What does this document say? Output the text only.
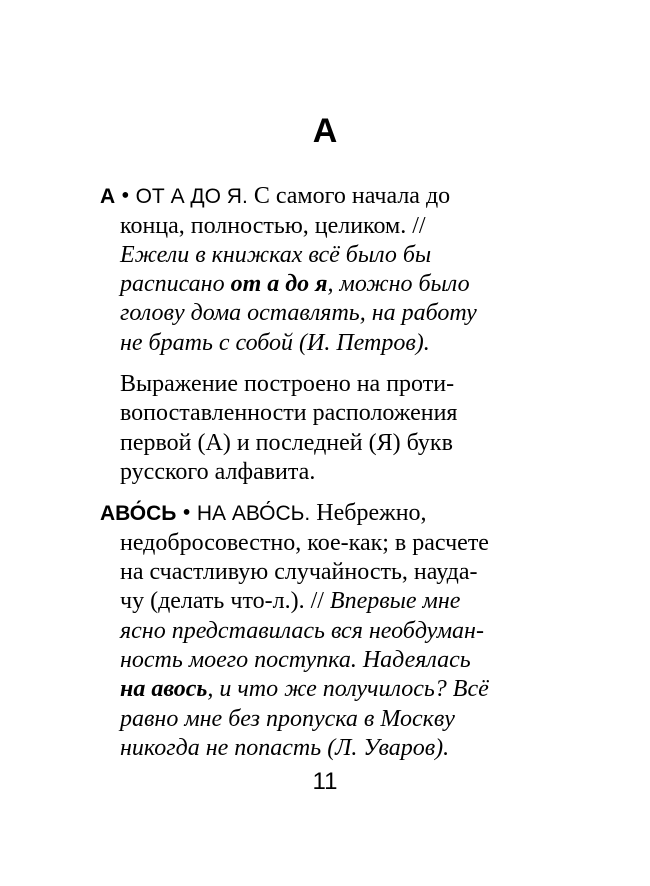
А
А • ОТ А ДО Я. С самого начала до
конца, полностью, целиком. //
Ежели в книжках всё было бы
расписано от а до я, можно было
голову дома оставлять, на работу
не брать с собой (И. Петров).
Выражение построено на проти-
вопоставленности расположения
первой (А) и последней (Я) букв
русского алфавита.
АВО́СЬ • НА АВО́СЬ. Небрежно,
недобросовестно, кое-как; в расчете
на счастливую случайность, науда-
чу (делать что-л.). // Впервые мне
ясно представилась вся необдуман-
ность моего поступка. Надеялась
на авось, и что же получилось? Всё
равно мне без пропуска в Москву
никогда не попасть (Л. Уваров).
11
